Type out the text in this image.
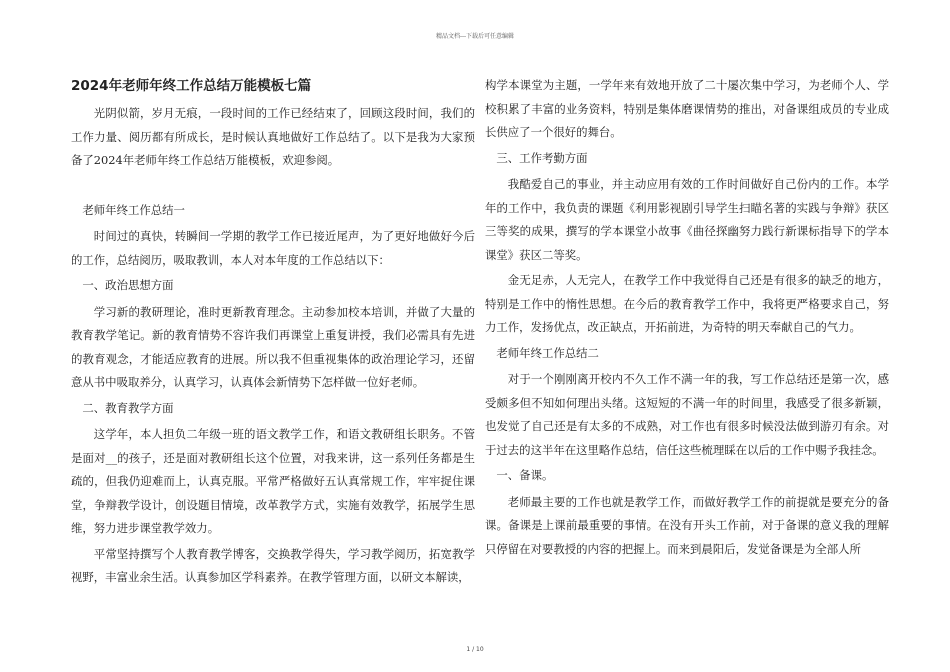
精品文档---下载后可任意编辑
2024年老师年终工作总结万能模板七篇

光阴似箭，岁月无痕，一段时间的工作已经结束了，回顾这段时间，我们的工作力量、阅历都有所成长，是时候认真地做好工作总结了。以下是我为大家预备了2024年老师年终工作总结万能模板，欢迎参阅。

老师年终工作总结一

时间过的真快，转瞬间一学期的教学工作已接近尾声，为了更好地做好今后的工作，总结阅历，吸取教训，本人对本年度的工作总结以下：

一、政治思想方面

学习新的教研理论，准时更新教育理念。主动参加校本培训，并做了大量的教育教学笔记。新的教育情势不容许我们再课堂上重复讲授，我们必需具有先进的教育观念，才能适应教育的进展。所以我不但重视集体的政治理论学习，还留意从书中吸取养分，认真学习，认真体会新情势下怎样做一位好老师。

二、教育教学方面

这学年，本人担负二年级一班的语文教学工作，和语文教研组长职务。不管是面对__的孩子，还是面对教研组长这个位置，对我来讲，这一系列任务都是生疏的，但我仍迎难而上，认真克服。平常严格做好五认真常规工作，牢牢捉住课堂，争辩教学设计，创设题目情境，改革教学方式，实施有效教学，拓展学生思维，努力进步课堂教学效力。

平常坚持撰写个人教育教学博客，交换教学得失，学习教学阅历，拓宽教学视野，丰富业余生活。认真参加区学科素养。在教学管理方面，以研文本解读，

构学本课堂为主题，一学年来有效地开放了二十屡次集中学习，为老师个人、学校积累了丰富的业务资料，特别是集体磨课情势的推出，对备课组成员的专业成长供应了一个很好的舞台。

三、工作考勤方面

我酷爱自己的事业，并主动应用有效的工作时间做好自己份内的工作。本学年的工作中，我负责的课题《利用影视剧引导学生扫瞄名著的实践与争辩》获区三等奖的成果，撰写的学本课堂小故事《曲径探幽努力践行新课标指导下的学本课堂》获区二等奖。

金无足赤，人无完人，在教学工作中我觉得自己还是有很多的缺乏的地方，特别是工作中的惰性思想。在今后的教育教学工作中，我将更严格要求自己，努力工作，发扬优点，改正缺点，开拓前进，为奇特的明天奉献自己的气力。

老师年终工作总结二

对于一个刚刚离开校内不久工作不满一年的我，写工作总结还是第一次，感受颇多但不知如何理出头绪。这短短的不满一年的时间里，我感受了很多新颖，也发觉了自己还是有太多的不成熟，对工作也有很多时候没法做到游刃有余。对于过去的这半年在这里略作总结，信任这些梳理睬在以后的工作中赐予我挂念。

一、备课。

老师最主要的工作也就是教学工作，而做好教学工作的前提就是要充分的备课。备课是上课前最重要的事情。在没有开头工作前，对于备课的意义我的理解只停留在对要教授的内容的把握上。而来到晨阳后，发觉备课是为全部人所

1 / 10
